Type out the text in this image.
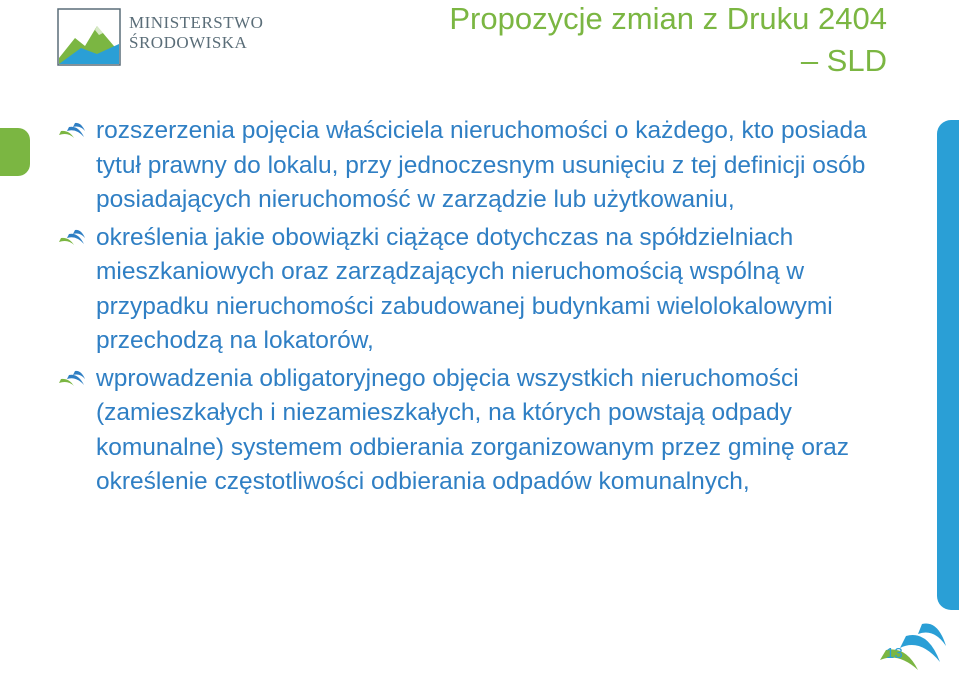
MINISTERSTWO
ŚRODOWISKA
Propozycje zmian z Druku 2404
– SLD
rozszerzenia pojęcia właściciela nieruchomości o każdego, kto posiada tytuł prawny do lokalu, przy jednoczesnym usunięciu z tej definicji osób posiadających nieruchomość w zarządzie lub użytkowaniu,
określenia jakie obowiązki ciążące dotychczas na spółdzielniach mieszkaniowych oraz zarządzających nieruchomością wspólną w przypadku nieruchomości zabudowanej budynkami wielolokalowymi przechodzą na lokatorów,
wprowadzenia obligatoryjnego objęcia wszystkich nieruchomości (zamieszkałych i niezamieszkałych, na których powstają odpady komunalne) systemem odbierania zorganizowanym przez gminę oraz określenie częstotliwości odbierania odpadów komunalnych,
13
